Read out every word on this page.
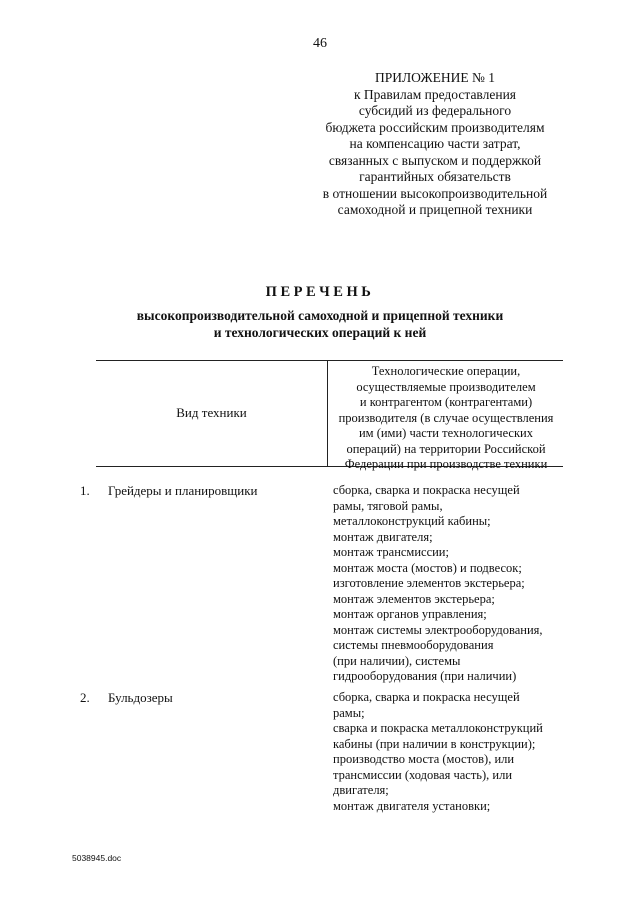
46
ПРИЛОЖЕНИЕ № 1
к Правилам предоставления
субсидий из федерального
бюджета российским производителям
на компенсацию части затрат,
связанных с выпуском и поддержкой
гарантийных обязательств
в отношении высокопроизводительной
самоходной и прицепной техники
ПЕРЕЧЕНЬ
высокопроизводительной самоходной и прицепной техники
и технологических операций к ней
Вид техники
Технологические операции,
осуществляемые производителем
и контрагентом (контрагентами)
производителя (в случае осуществления
им (ими) части технологических
операций) на территории Российской
Федерации при производстве техники
1. Грейдеры и планировщики	сборка, сварка и покраска несущей
рамы, тяговой рамы,
металлоконструкций кабины;
монтаж двигателя;
монтаж трансмиссии;
монтаж моста (мостов) и подвесок;
изготовление элементов экстерьера;
монтаж элементов экстерьера;
монтаж органов управления;
монтаж системы электрооборудования,
системы пневмооборудования
(при наличии), системы
гидрооборудования (при наличии)
2. Бульдозеры	сборка, сварка и покраска несущей
рамы;
сварка и покраска металлоконструкций
кабины (при наличии в конструкции);
производство моста (мостов), или
трансмиссии (ходовая часть), или
двигателя;
монтаж двигателя установки;
5038945.doc
